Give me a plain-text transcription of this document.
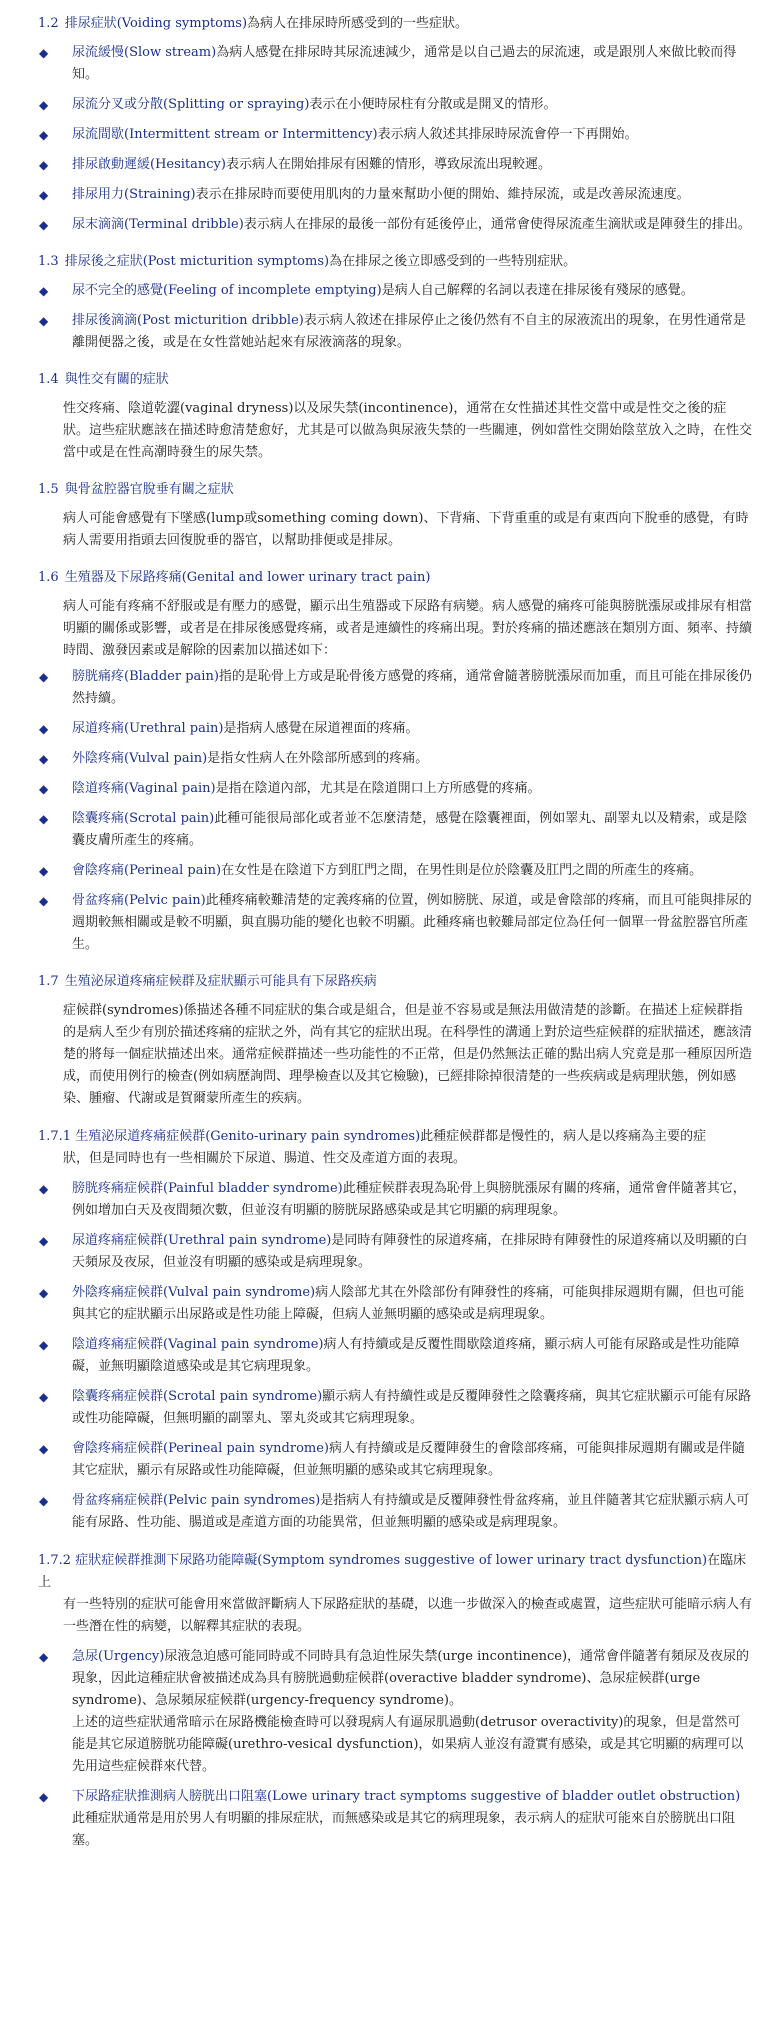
1.2 排尿症狀(Voiding symptoms)為病人在排尿時所感受到的一些症狀。
◆ 尿流緩慢(Slow stream)為病人感覺在排尿時其尿流速減少，通常是以自己過去的尿流速，或是跟別人來做比較而得知。
◆ 尿流分叉或分散(Splitting or spraying)表示在小便時尿柱有分散或是開叉的情形。
◆ 尿流間歇(Intermittent stream or Intermittency)表示病人敘述其排尿時尿流會停一下再開始。
◆ 排尿啟動遲緩(Hesitancy)表示病人在開始排尿有困難的情形，導致尿流出現較遲。
◆ 排尿用力(Straining)表示在排尿時而要使用肌肉的力量來幫助小便的開始、維持尿流，或是改善尿流速度。
◆ 尿末滴滴(Terminal dribble)表示病人在排尿的最後一部份有延後停止，通常會使得尿流產生滴狀或是陣發生的排出。
1.3 排尿後之症狀(Post micturition symptoms)為在排尿之後立即感受到的一些特別症狀。
◆ 尿不完全的感覺(Feeling of incomplete emptying)是病人自己解釋的名詞以表達在排尿後有殘尿的感覺。
◆ 排尿後滴滴(Post micturition dribble)表示病人敘述在排尿停止之後仍然有不自主的尿液流出的現象，在男性通常是離開便器之後，或是在女性當她站起來有尿液滴落的現象。
1.4 與性交有關的症狀

性交疼痛、陰道乾澀(vaginal dryness)以及尿失禁(incontinence)，通常在女性描述其性交當中或是性交之後的症狀。這些症狀應該在描述時愈清楚愈好，尤其是可以做為與尿液失禁的一些關連，例如當性交開始陰莖放入之時，在性交當中或是在性高潮時發生的尿失禁。

1.5 與骨盆腔器官脫垂有關之症狀

病人可能會感覺有下墜感(lump或something coming down)、下背痛、下背重重的或是有東西向下脫垂的感覺，有時病人需要用指頭去回復脫垂的器官，以幫助排便或是排尿。

1.6 生殖器及下尿路疼痛(Genital and lower urinary tract pain)

病人可能有疼痛不舒服或是有壓力的感覺，顯示出生殖器或下尿路有病變。病人感覺的痛疼可能與膀胱漲尿或排尿有相當明顯的關係或影響，或者是在排尿後感覺疼痛，或者是連續性的疼痛出現。對於疼痛的描述應該在類別方面、頻率、持續時間、激發因素或是解除的因素加以描述如下：

◆ 膀胱痛疼(Bladder pain)指的是恥骨上方或是恥骨後方感覺的疼痛，通常會隨著膀胱漲尿而加重，而且可能在排尿後仍然持續。
◆ 尿道疼痛(Urethral pain)是指病人感覺在尿道裡面的疼痛。
◆ 外陰疼痛(Vulval pain)是指女性病人在外陰部所感到的疼痛。
◆ 陰道疼痛(Vaginal pain)是指在陰道內部，尤其是在陰道開口上方所感覺的疼痛。
◆ 陰囊疼痛(Scrotal pain)此種可能很局部化或者並不怎麼清楚，感覺在陰囊裡面，例如睪丸、副睪丸以及精索，或是陰囊皮膚所產生的疼痛。
◆ 會陰疼痛(Perineal pain)在女性是在陰道下方到肛門之間，在男性則是位於陰囊及肛門之間的所產生的疼痛。
◆ 骨盆疼痛(Pelvic pain)此種疼痛較難清楚的定義疼痛的位置，例如膀胱、尿道，或是會陰部的疼痛，而且可能與排尿的週期較無相關或是較不明顯，與直腸功能的變化也較不明顯。此種疼痛也較難局部定位為任何一個單一骨盆腔器官所產生。
1.7 生殖泌尿道疼痛症候群及症狀顯示可能具有下尿路疾病

症候群(syndromes)係描述各種不同症狀的集合或是組合，但是並不容易或是無法用做清楚的診斷。在描述上症候群指的是病人至少有別於描述疼痛的症狀之外，尚有其它的症狀出現。在科學性的溝通上對於這些症候群的症狀描述，應該清楚的將每一個症狀描述出來。通常症候群描述一些功能性的不正常，但是仍然無法正確的點出病人究竟是那一種原因所造成，而使用例行的檢查(例如病歷詢問、理學檢查以及其它檢驗)，已經排除掉很清楚的一些疾病或是病理狀態，例如感染、腫瘤、代謝或是賀爾蒙所產生的疾病。

1.7.1 生殖泌尿道疼痛症候群(Genito-urinary pain syndromes)此種症候群都是慢性的，病人是以疼痛為主要的症
狀，但是同時也有一些相關於下尿道、腸道、性交及產道方面的表現。
◆ 膀胱疼痛症候群(Painful bladder syndrome)此種症候群表現為恥骨上與膀胱漲尿有關的疼痛，通常會伴隨著其它，例如增加白天及夜間頻次數，但並沒有明顯的膀胱尿路感染或是其它明顯的病理現象。
◆ 尿道疼痛症候群(Urethral pain syndrome)是同時有陣發性的尿道疼痛，在排尿時有陣發性的尿道疼痛以及明顯的白天頻尿及夜尿，但並沒有明顯的感染或是病理現象。
◆ 外陰疼痛症候群(Vulval pain syndrome)病人陰部尤其在外陰部份有陣發性的疼痛，可能與排尿週期有關，但也可能與其它的症狀顯示出尿路或是性功能上障礙，但病人並無明顯的感染或是病理現象。
◆ 陰道疼痛症候群(Vaginal pain syndrome)病人有持續或是反覆性間歇陰道疼痛，顯示病人可能有尿路或是性功能障礙，並無明顯陰道感染或是其它病理現象。
◆ 陰囊疼痛症候群(Scrotal pain syndrome)顯示病人有持續性或是反覆陣發性之陰囊疼痛，與其它症狀顯示可能有尿路或性功能障礙，但無明顯的副睪丸、睪丸炎或其它病理現象。
◆ 會陰疼痛症候群(Perineal pain syndrome)病人有持續或是反覆陣發生的會陰部疼痛，可能與排尿週期有關或是伴隨其它症狀，顯示有尿路或性功能障礙，但並無明顯的感染或其它病理現象。
◆ 骨盆疼痛症候群(Pelvic pain syndromes)是指病人有持續或是反覆陣發性骨盆疼痛，並且伴隨著其它症狀顯示病人可能有尿路、性功能、腸道或是產道方面的功能異常，但並無明顯的感染或是病理現象。
1.7.2 症狀症候群推測下尿路功能障礙(Symptom syndromes suggestive of lower urinary tract dysfunction)在臨床上
有一些特別的症狀可能會用來當做評斷病人下尿路症狀的基礎，以進一步做深入的檢查或處置，這些症狀可能暗示病人有一些潛在性的病變，以解釋其症狀的表現。
◆ 急尿(Urgency)尿液急迫感可能同時或不同時具有急迫性尿失禁(urge incontinence)，通常會伴隨著有頻尿及夜尿的現象，因此這種症狀會被描述成為具有膀胱過動症候群(overactive bladder syndrome)、急尿症候群(urge syndrome)、急尿頻尿症候群(urgency-frequency syndrome)。
上述的這些症狀通常暗示在尿路機能檢查時可以發現病人有逼尿肌過動(detrusor overactivity)的現象，但是當然可能是其它尿道膀胱功能障礙(urethro-vesical dysfunction)，如果病人並沒有證實有感染，或是其它明顯的病理可以先用這些症候群來代替。
◆ 下尿路症狀推測病人膀胱出口阻塞(Lowe urinary tract symptoms suggestive of bladder outlet obstruction)此種症狀通常是用於男人有明顯的排尿症狀，而無感染或是其它的病理現象，表示病人的症狀可能來自於膀胱出口阻塞。
